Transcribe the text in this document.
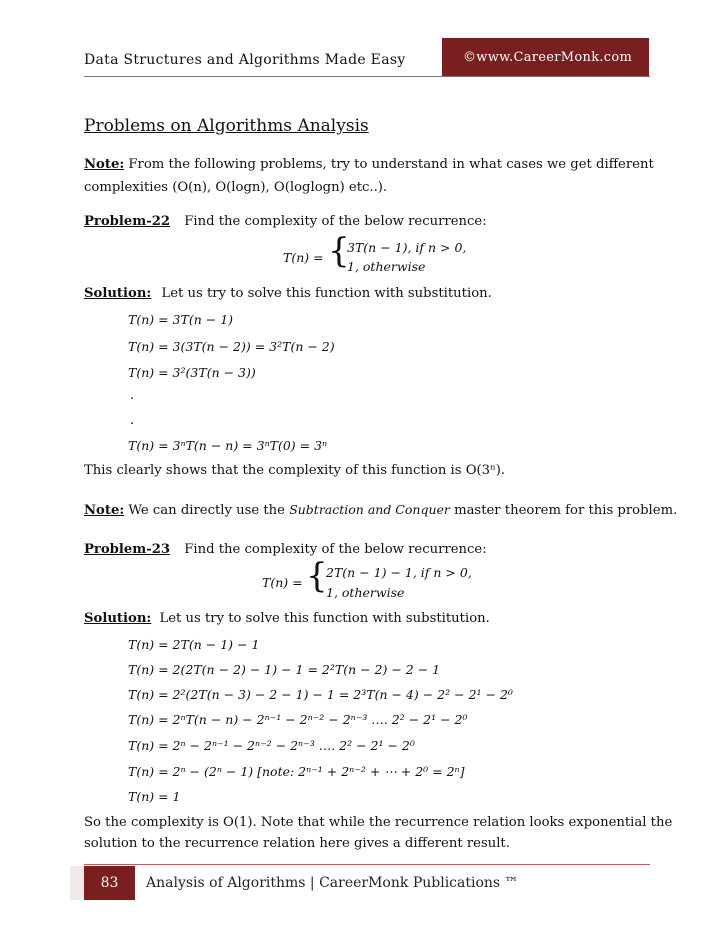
Data Structures and Algorithms Made Easy	©www.CareerMonk.com
Problems on Algorithms Analysis
Note: From the following problems, try to understand in what cases we get different
complexities (O(n), O(logn), O(loglogn) etc..).
Problem-22 Find the complexity of the below recurrence:
T(n) = {
3T(n − 1), if n > 0,
1, otherwise
Solution: Let us try to solve this function with substitution.
T(n) = 3T(n − 1)
T(n) = 3(3T(n − 2)) = 3²T(n − 2)
T(n) = 3²(3T(n − 3))
.
.
T(n) = 3ⁿT(n − n) = 3ⁿT(0) = 3ⁿ
This clearly shows that the complexity of this function is O(3ⁿ).
Note: We can directly use the Subtraction and Conquer master theorem for this problem.
Problem-23 Find the complexity of the below recurrence:
T(n) = {
2T(n − 1) − 1, if n > 0,
1, otherwise
Solution: Let us try to solve this function with substitution.
T(n) = 2T(n − 1) − 1
T(n) = 2(2T(n − 2) − 1) − 1 = 2²T(n − 2) − 2 − 1
T(n) = 2²(2T(n − 3) − 2 − 1) − 1 = 2³T(n − 4) − 2² − 2¹ − 2⁰
T(n) = 2ⁿT(n − n) − 2ⁿ⁻¹ − 2ⁿ⁻² − 2ⁿ⁻³ …. 2² − 2¹ − 2⁰
T(n) = 2ⁿ − 2ⁿ⁻¹ − 2ⁿ⁻² − 2ⁿ⁻³ …. 2² − 2¹ − 2⁰
T(n) = 2ⁿ − (2ⁿ − 1) [note: 2ⁿ⁻¹ + 2ⁿ⁻² + ⋯ + 2⁰ = 2ⁿ]
T(n) = 1
So the complexity is O(1). Note that while the recurrence relation looks exponential the
solution to the recurrence relation here gives a different result.
83	Analysis of Algorithms | CareerMonk Publications ™
